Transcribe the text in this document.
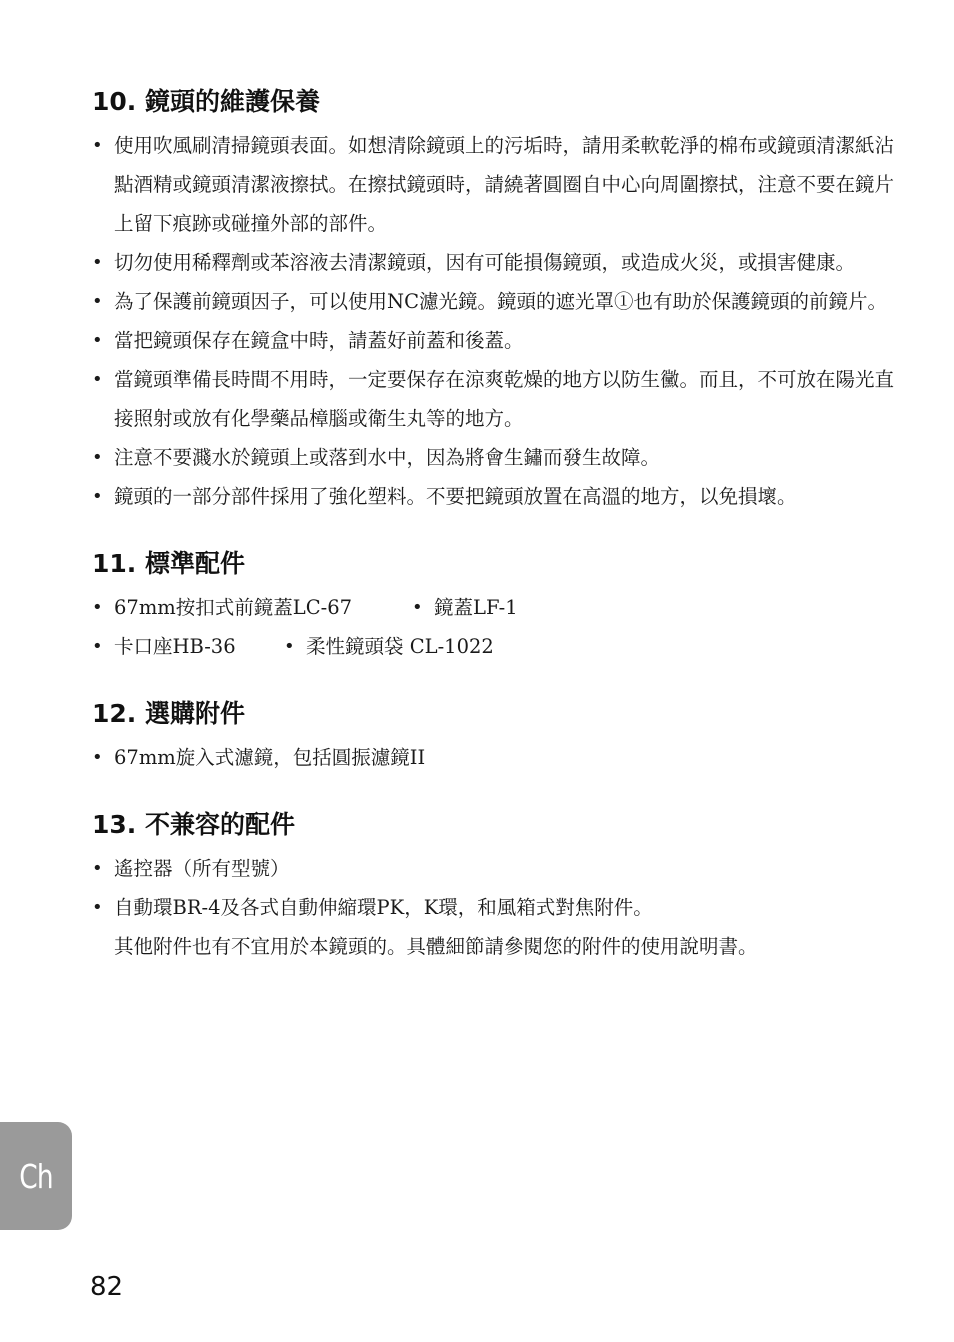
10. 鏡頭的維護保養
• 使用吹風刷清掃鏡頭表面。如想清除鏡頭上的污垢時，請用柔軟乾淨的棉布或鏡頭清潔紙沾點酒精或鏡頭清潔液擦拭。在擦拭鏡頭時，請繞著圓圈自中心向周圍擦拭，注意不要在鏡片上留下痕跡或碰撞外部的部件。
• 切勿使用稀釋劑或苯溶液去清潔鏡頭，因有可能損傷鏡頭，或造成火災，或損害健康。
• 為了保護前鏡頭因子，可以使用NC濾光鏡。鏡頭的遮光罩①也有助於保護鏡頭的前鏡片。
• 當把鏡頭保存在鏡盒中時，請蓋好前蓋和後蓋。
• 當鏡頭準備長時間不用時，一定要保存在涼爽乾燥的地方以防生黴。而且，不可放在陽光直接照射或放有化學藥品樟腦或衛生丸等的地方。
• 注意不要濺水於鏡頭上或落到水中，因為將會生鏽而發生故障。
• 鏡頭的一部分部件採用了強化塑料。不要把鏡頭放置在高溫的地方，以免損壞。
11. 標準配件
• 67mm按扣式前鏡蓋LC-67	• 鏡蓋LF-1
• 卡口座HB-36	• 柔性鏡頭袋 CL-1022
12. 選購附件
• 67mm旋入式濾鏡，包括圓振濾鏡II
13. 不兼容的配件
• 遙控器（所有型號）
• 自動環BR-4及各式自動伸縮環PK，K環，和風箱式對焦附件。
其他附件也有不宜用於本鏡頭的。具體細節請參閱您的附件的使用說明書。
Ch
82
